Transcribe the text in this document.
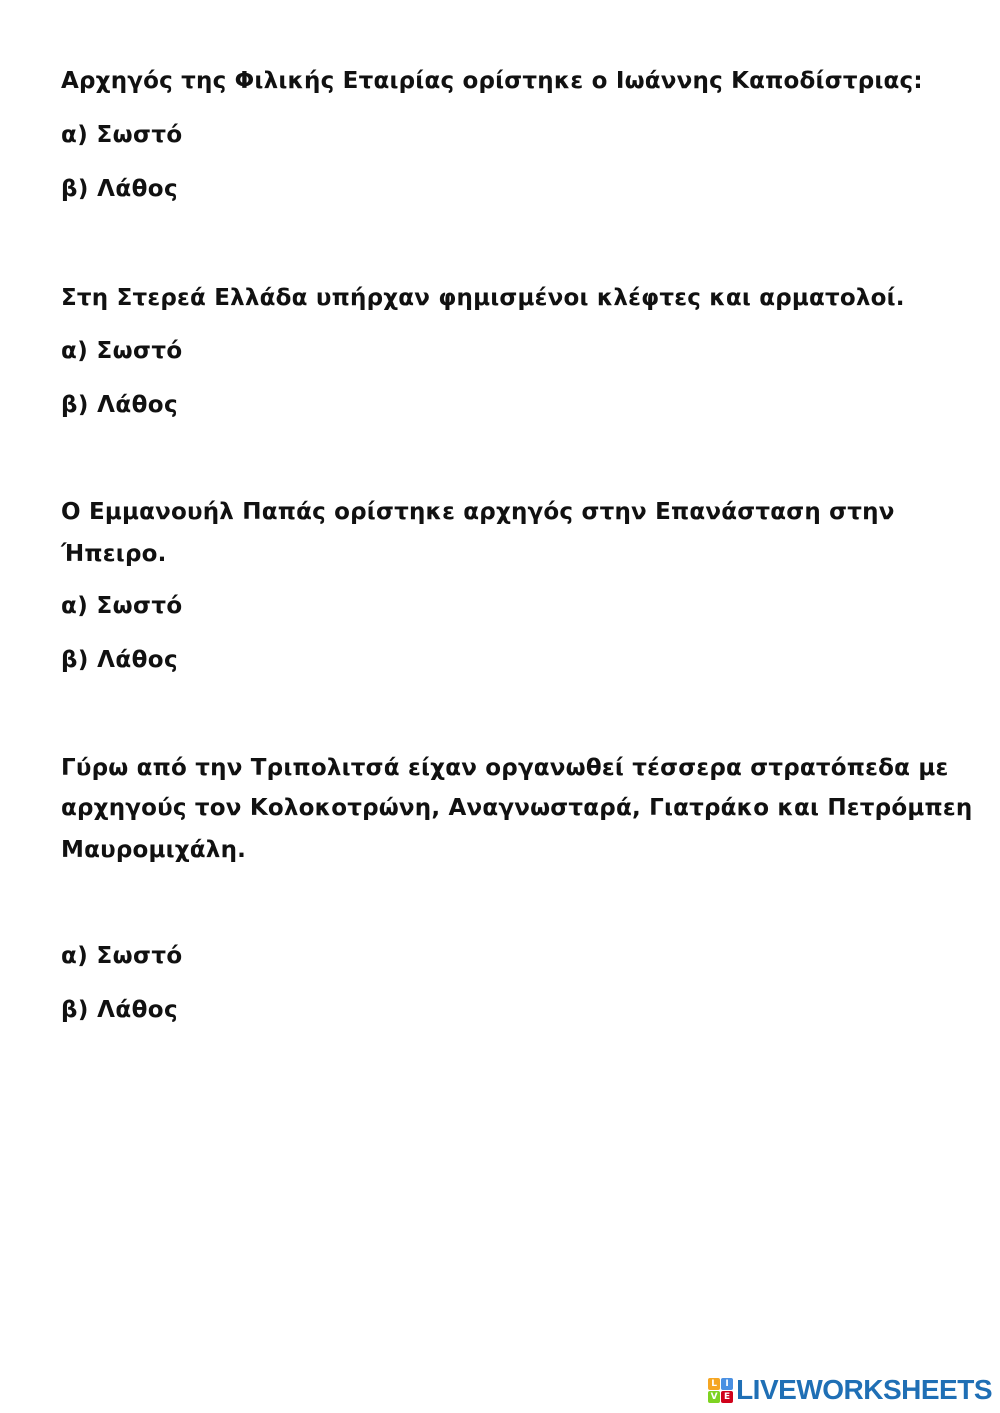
Αρχηγός της Φιλικής Εταιρίας ορίστηκε ο Ιωάννης Καποδίστριας:
α) Σωστό
β) Λάθος
Στη Στερεά Ελλάδα υπήρχαν φημισμένοι κλέφτες και αρματολοί.
α) Σωστό
β) Λάθος
Ο Εμμανουήλ Παπάς ορίστηκε αρχηγός στην Επανάσταση στην
Ήπειρο.
α) Σωστό
β) Λάθος
Γύρω από την Τριπολιτσά είχαν οργανωθεί τέσσερα στρατόπεδα με
αρχηγούς τον Κολοκοτρώνη, Αναγνωσταρά, Γιατράκο και Πετρόμπεη
Μαυρομιχάλη.
α) Σωστό
β) Λάθος
L I
V E LIVEWORKSHEETS
